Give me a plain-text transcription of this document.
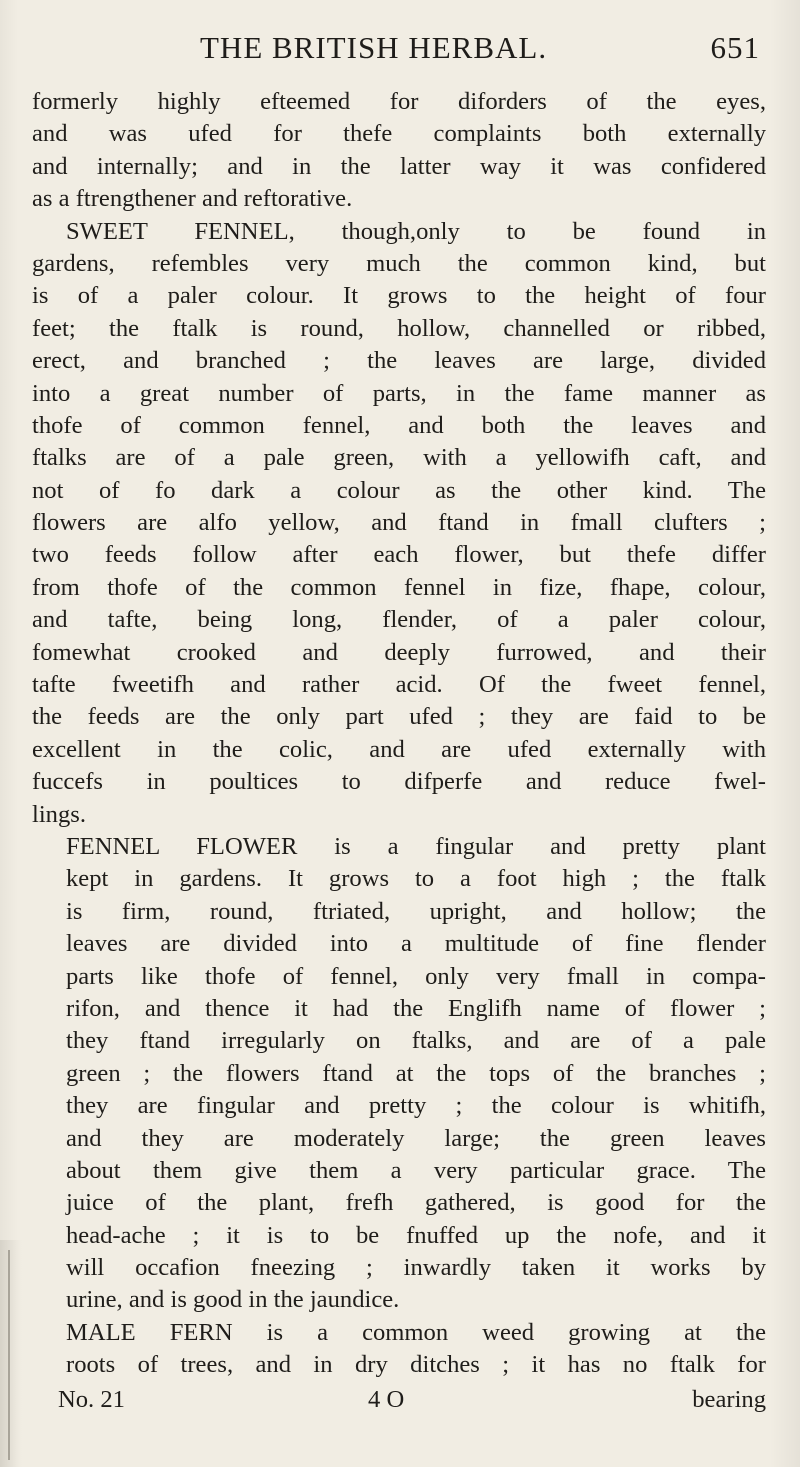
THE BRITISH HERBAL.	651
formerly highly efteemed for diforders of the eyes,
and was ufed for thefe complaints both externally
and internally; and in the latter way it was confidered
as a ftrengthener and reftorative.
SWEET FENNEL, though,only to be found in
gardens, refembles very much the common kind, but
is of a paler colour. It grows to the height of four
feet; the ftalk is round, hollow, channelled or ribbed,
erect, and branched ; the leaves are large, divided
into a great number of parts, in the fame manner as
thofe of common fennel, and both the leaves and
ftalks are of a pale green, with a yellowifh caft, and
not of fo dark a colour as the other kind. The
flowers are alfo yellow, and ftand in fmall clufters ;
two feeds follow after each flower, but thefe differ
from thofe of the common fennel in fize, fhape, colour,
and tafte, being long, flender, of a paler colour,
fomewhat crooked and deeply furrowed, and their
tafte fweetifh and rather acid. Of the fweet fennel,
the feeds are the only part ufed ; they are faid to be
excellent in the colic, and are ufed externally with
fuccefs in poultices to difperfe and reduce fwel-
lings.
FENNEL FLOWER is a fingular and pretty plant
kept in gardens. It grows to a foot high ; the ftalk
is firm, round, ftriated, upright, and hollow; the
leaves are divided into a multitude of fine flender
parts like thofe of fennel, only very fmall in compa-
rifon, and thence it had the Englifh name of flower ;
they ftand irregularly on ftalks, and are of a pale
green ; the flowers ftand at the tops of the branches ;
they are fingular and pretty ; the colour is whitifh,
and they are moderately large; the green leaves
about them give them a very particular grace. The
juice of the plant, frefh gathered, is good for the
head-ache ; it is to be fnuffed up the nofe, and it
will occafion fneezing ; inwardly taken it works by
urine, and is good in the jaundice.
MALE FERN is a common weed growing at the
roots of trees, and in dry ditches ; it has no ftalk for
No. 21	4 O	bearing
